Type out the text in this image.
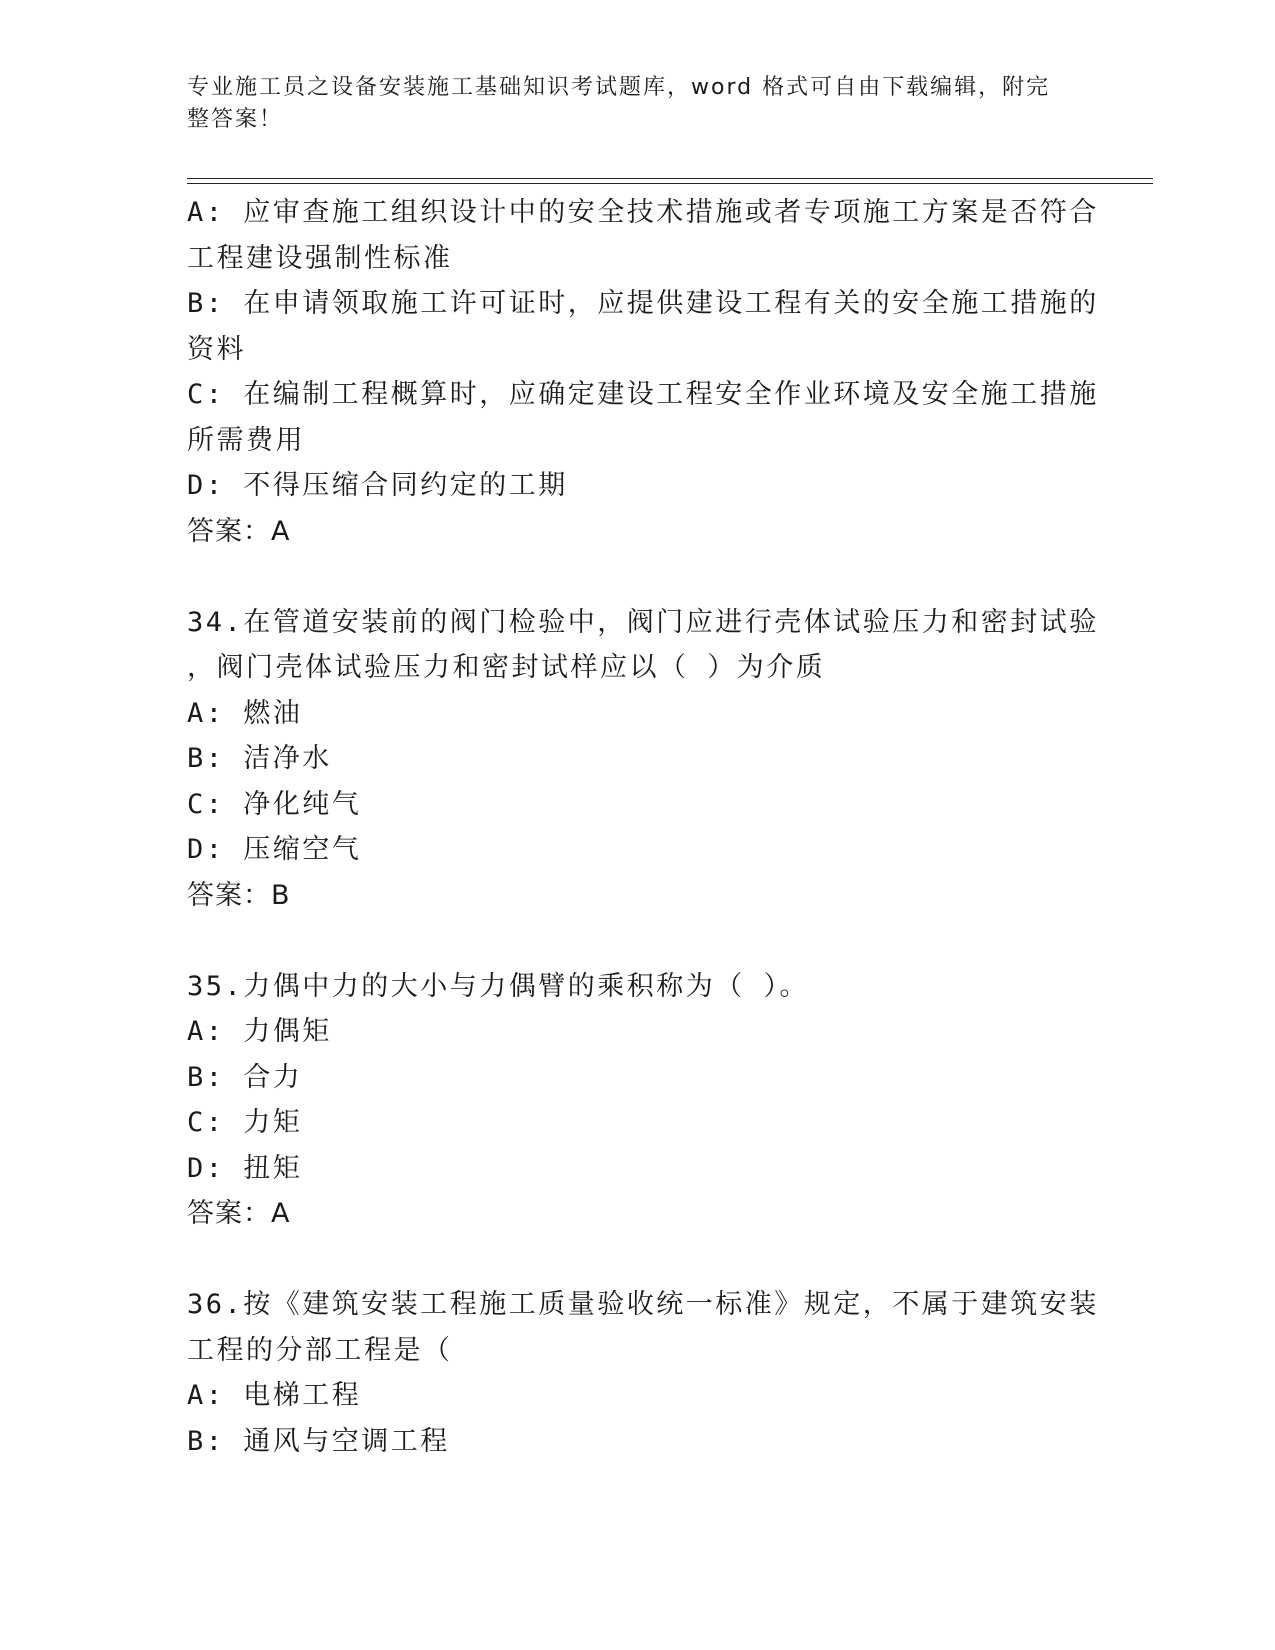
专业施工员之设备安装施工基础知识考试题库，word 格式可自由下载编辑，附完
整答案！
A: 应审查施工组织设计中的安全技术措施或者专项施工方案是否符合
工程建设强制性标准
B: 在申请领取施工许可证时，应提供建设工程有关的安全施工措施的
资料
C: 在编制工程概算时，应确定建设工程安全作业环境及安全施工措施
所需费用
D: 不得压缩合同约定的工期
答案：A
34.在管道安装前的阀门检验中，阀门应进行壳体试验压力和密封试验
，阀门壳体试验压力和密封试样应以（ ）为介质
A: 燃油
B: 洁净水
C: 净化纯气
D: 压缩空气
答案：B
35.力偶中力的大小与力偶臂的乘积称为（ ）。
A: 力偶矩
B: 合力
C: 力矩
D: 扭矩
答案：A
36.按《建筑安装工程施工质量验收统一标准》规定，不属于建筑安装
工程的分部工程是（
A: 电梯工程
B: 通风与空调工程
